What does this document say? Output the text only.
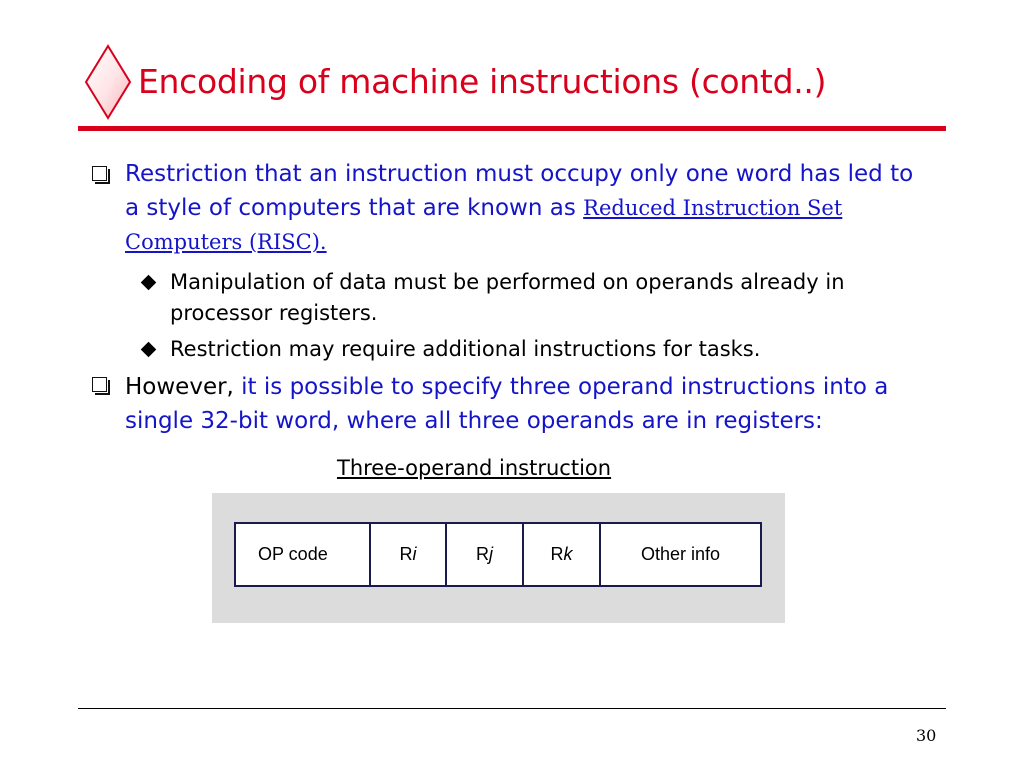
Encoding of machine instructions (contd..)
Restriction that an instruction must occupy only one word has led to a style of computers that are known as Reduced Instruction Set Computers (RISC).
Manipulation of data must be performed on operands already in processor registers.
Restriction may require additional instructions for tasks.
However, it is possible to specify three operand instructions into a single 32-bit word, where all three operands are in registers:
Three-operand instruction
OP code	R i	R j	R k	Other info
30
